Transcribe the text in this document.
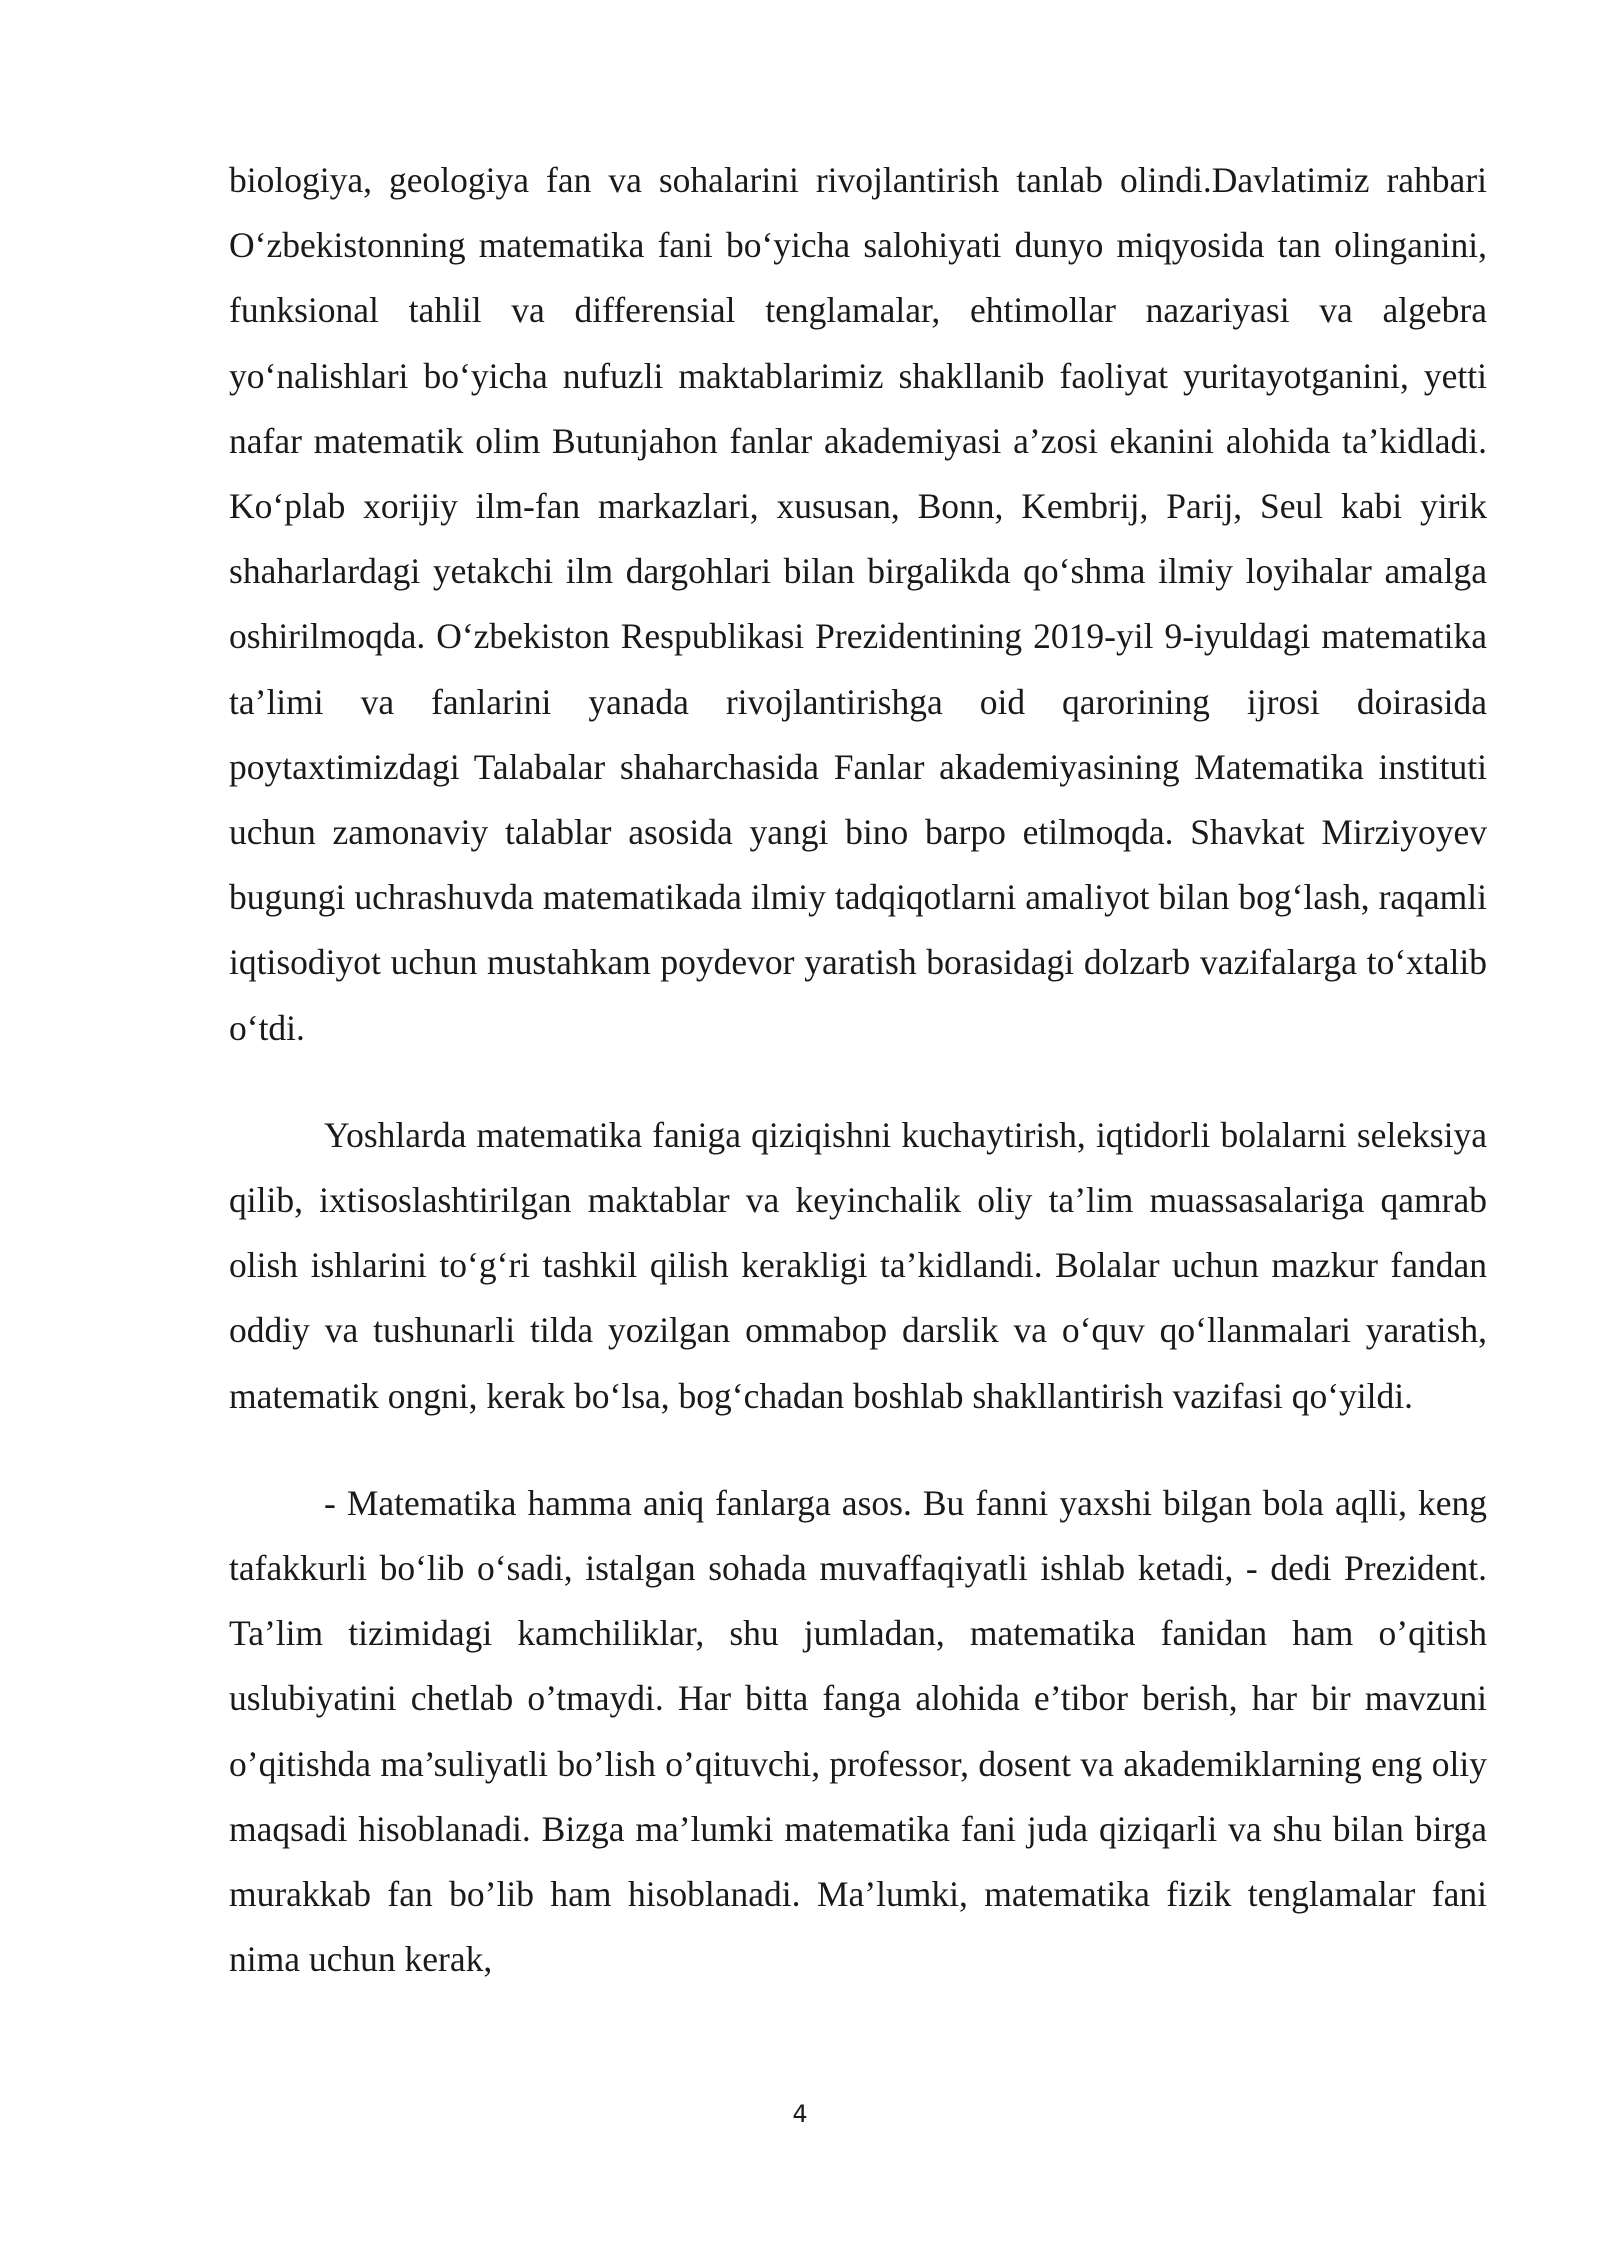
biologiya, geologiya fan va sohalarini rivojlantirish tanlab olindi.Davlatimiz rahbari O‘zbekistonning matematika fani bo‘yicha salohiyati dunyo miqyosida tan olinganini, funksional tahlil va differensial tenglamalar, ehtimollar nazariyasi va algebra yo‘nalishlari bo‘yicha nufuzli maktablarimiz shakllanib faoliyat yuritayotganini, yetti nafar matematik olim Butunjahon fanlar akademiyasi a’zosi ekanini alohida ta’kidladi. Ko‘plab xorijiy ilm-fan markazlari, xususan, Bonn, Kembrij, Parij, Seul kabi yirik shaharlardagi yetakchi ilm dargohlari bilan birgalikda qo‘shma ilmiy loyihalar amalga oshirilmoqda. O‘zbekiston Respublikasi Prezidentining 2019-yil 9-iyuldagi matematika ta’limi va fanlarini yanada rivojlantirishga oid qarorining ijrosi doirasida poytaxtimizdagi Talabalar shaharchasida Fanlar akademiyasining Matematika instituti uchun zamonaviy talablar asosida yangi bino barpo etilmoqda. Shavkat Mirziyoyev bugungi uchrashuvda matematikada ilmiy tadqiqotlarni amaliyot bilan bog‘lash, raqamli iqtisodiyot uchun mustahkam poydevor yaratish borasidagi dolzarb vazifalarga to‘xtalib o‘tdi.

Yoshlarda matematika faniga qiziqishni kuchaytirish, iqtidorli bolalarni seleksiya qilib, ixtisoslashtirilgan maktablar va keyinchalik oliy ta’lim muassasalariga qamrab olish ishlarini to‘g‘ri tashkil qilish kerakligi ta’kidlandi. Bolalar uchun mazkur fandan oddiy va tushunarli tilda yozilgan ommabop darslik va o‘quv qo‘llanmalari yaratish, matematik ongni, kerak bo‘lsa, bog‘chadan boshlab shakllantirish vazifasi qo‘yildi.

- Matematika hamma aniq fanlarga asos. Bu fanni yaxshi bilgan bola aqlli, keng tafakkurli bo‘lib o‘sadi, istalgan sohada muvaffaqiyatli ishlab ketadi, - dedi Prezident. Ta’lim tizimidagi kamchiliklar, shu jumladan, matematika fanidan ham o’qitish uslubiyatini chetlab o’tmaydi. Har bitta fanga alohida e’tibor berish, har bir mavzuni o’qitishda ma’suliyatli bo’lish o’qituvchi, professor, dosent va akademiklarning eng oliy maqsadi hisoblanadi. Bizga ma’lumki matematika fani juda qiziqarli va shu bilan birga murakkab fan bo’lib ham hisoblanadi. Ma’lumki, matematika fizik tenglamalar fani nima uchun kerak,

4
